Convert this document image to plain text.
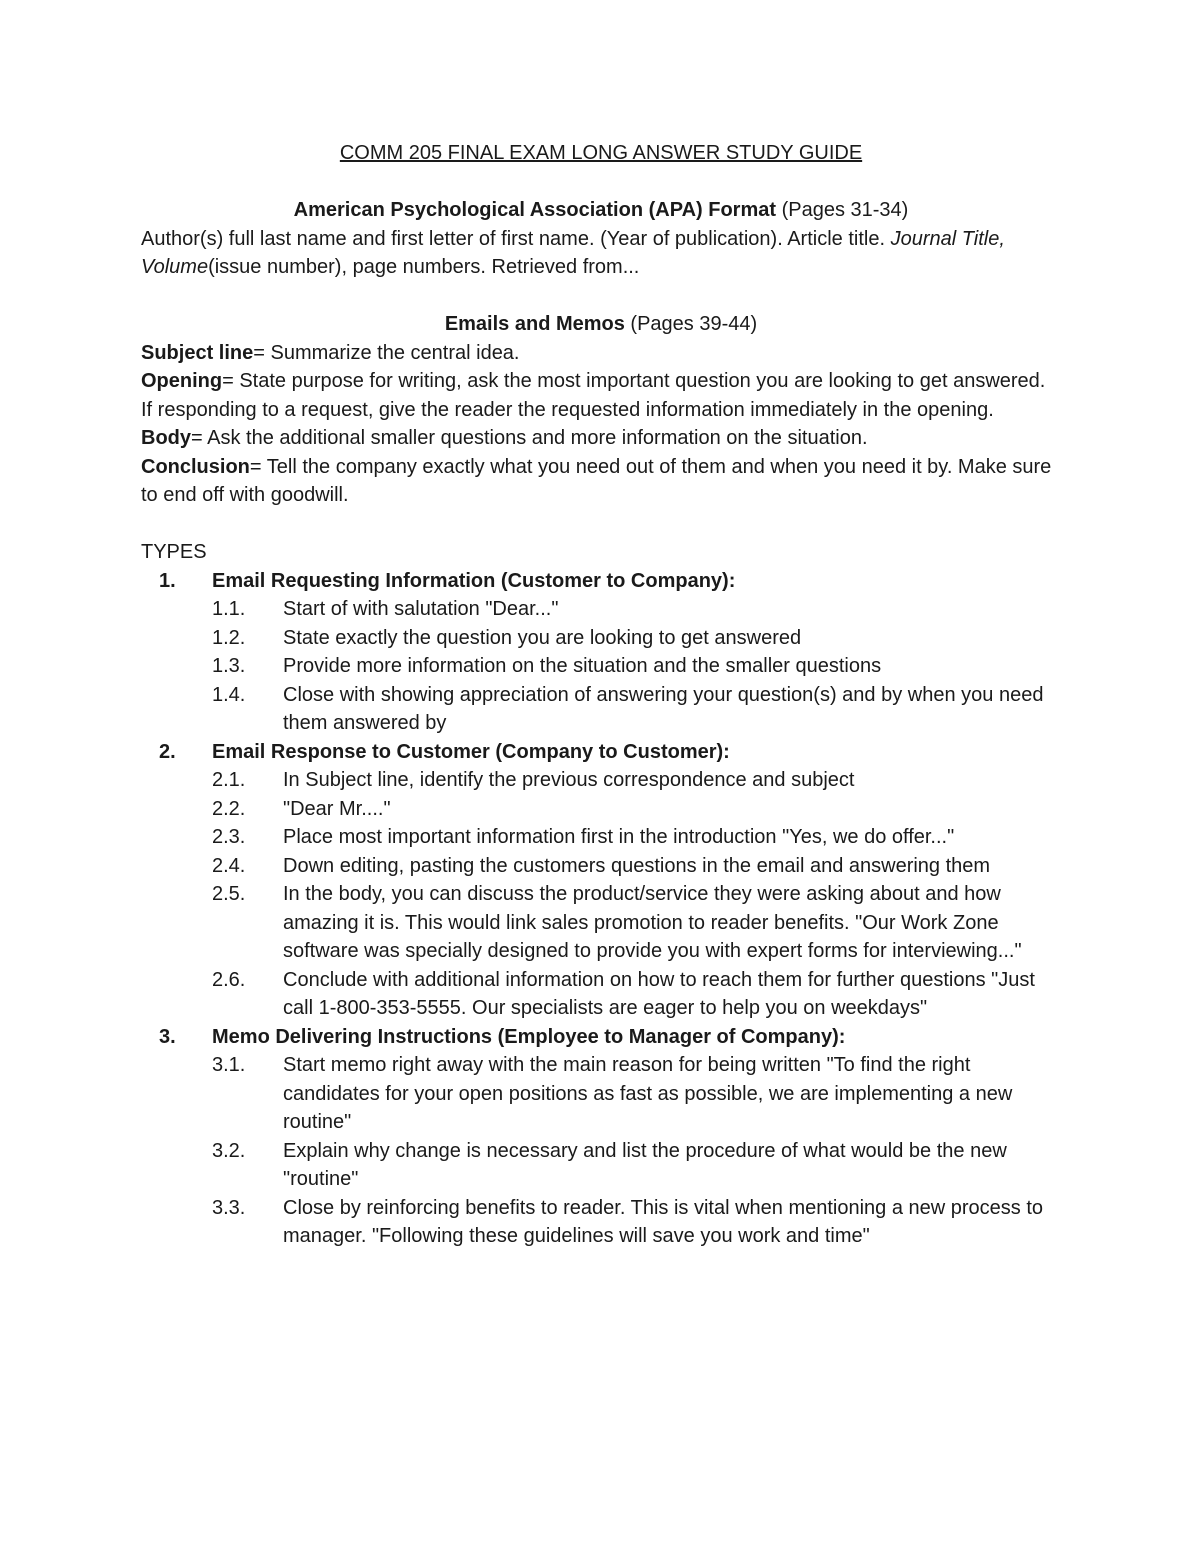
COMM 205 FINAL EXAM LONG ANSWER STUDY GUIDE

American Psychological Association (APA) Format (Pages 31-34)

Author(s) full last name and first letter of first name. (Year of publication). Article title. Journal Title, Volume(issue number), page numbers. Retrieved from...

Emails and Memos (Pages 39-44)

Subject line= Summarize the central idea.

Opening= State purpose for writing, ask the most important question you are looking to get answered. If responding to a request, give the reader the requested information immediately in the opening.

Body= Ask the additional smaller questions and more information on the situation.

Conclusion= Tell the company exactly what you need out of them and when you need it by. Make sure to end off with goodwill.

TYPES

1. Email Requesting Information (Customer to Company):
1.1. Start of with salutation "Dear..."
1.2. State exactly the question you are looking to get answered
1.3. Provide more information on the situation and the smaller questions
1.4. Close with showing appreciation of answering your question(s) and by when you need them answered by
2. Email Response to Customer (Company to Customer):
2.1. In Subject line, identify the previous correspondence and subject
2.2. "Dear Mr...."
2.3. Place most important information first in the introduction "Yes, we do offer..."
2.4. Down editing, pasting the customers questions in the email and answering them
2.5. In the body, you can discuss the product/service they were asking about and how amazing it is. This would link sales promotion to reader benefits. "Our Work Zone software was specially designed to provide you with expert forms for interviewing..."
2.6. Conclude with additional information on how to reach them for further questions "Just call 1-800-353-5555. Our specialists are eager to help you on weekdays"
3. Memo Delivering Instructions (Employee to Manager of Company):
3.1. Start memo right away with the main reason for being written "To find the right candidates for your open positions as fast as possible, we are implementing a new routine"
3.2. Explain why change is necessary and list the procedure of what would be the new "routine"
3.3. Close by reinforcing benefits to reader. This is vital when mentioning a new process to manager. "Following these guidelines will save you work and time"
